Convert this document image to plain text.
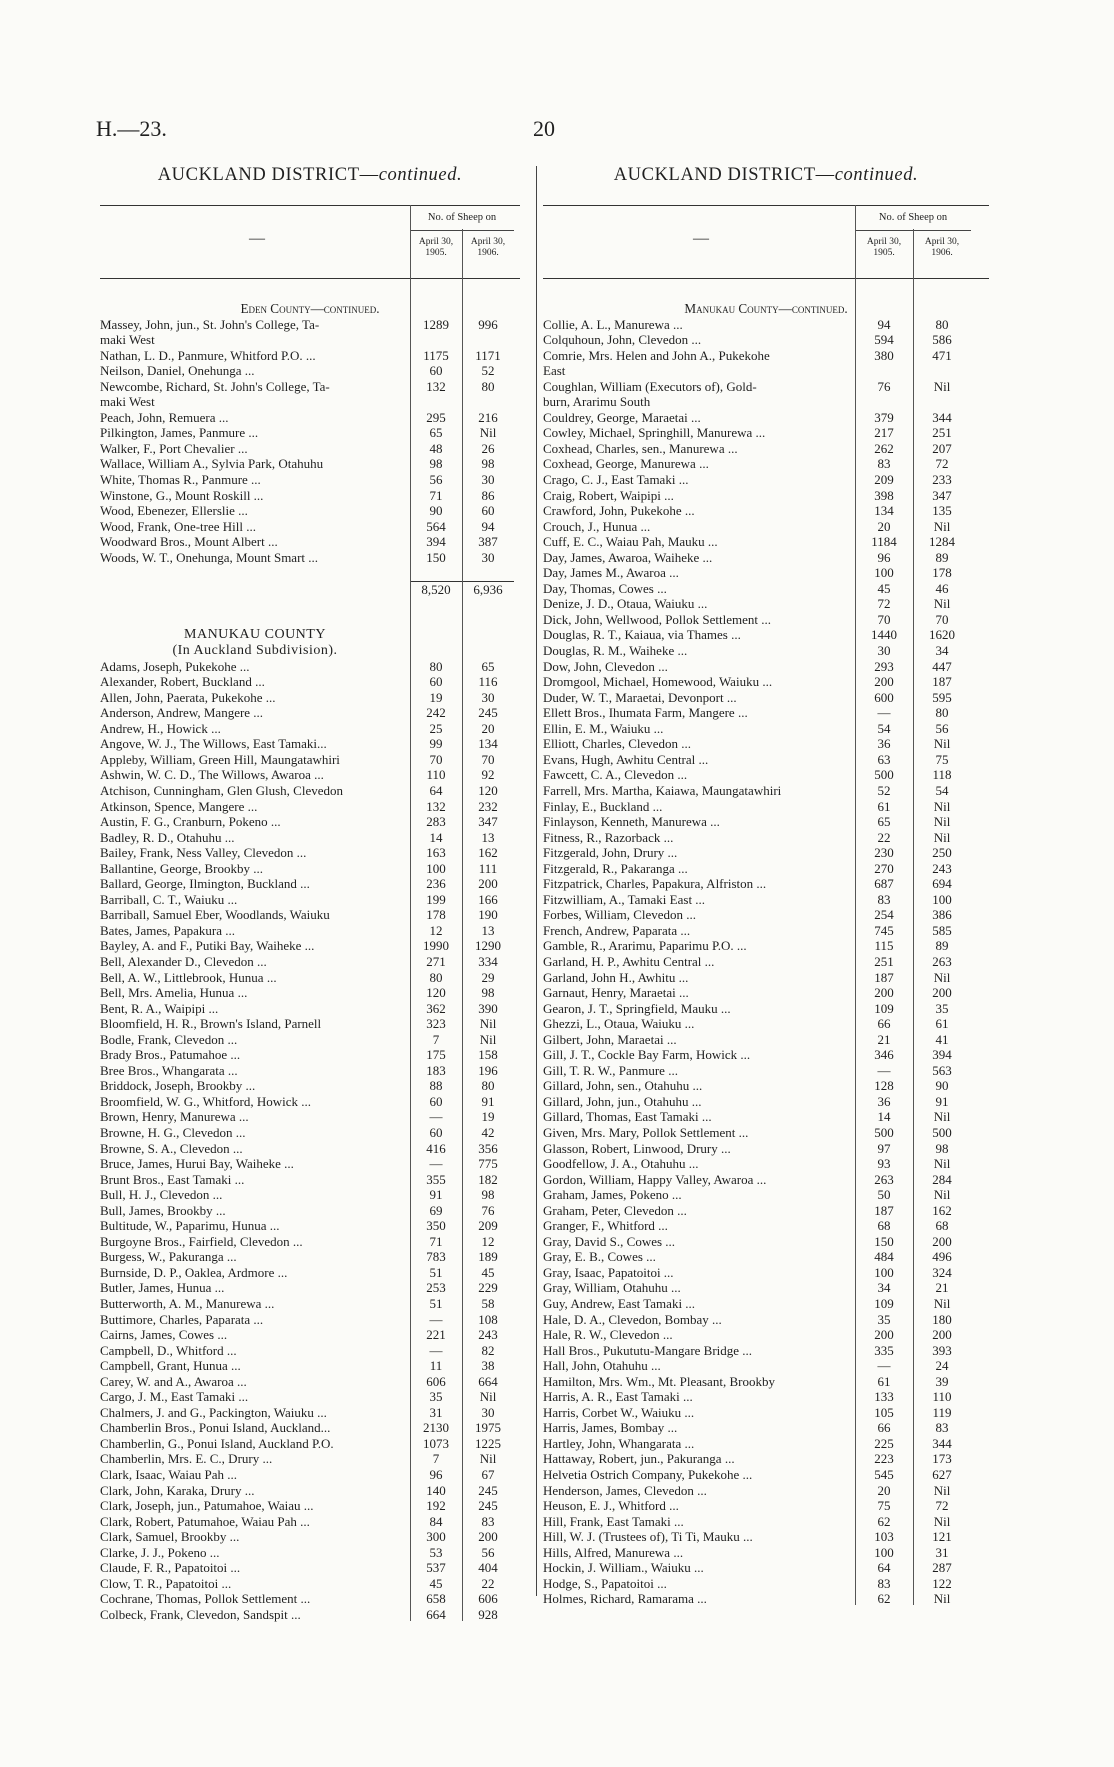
H.—23.	20
AUCKLAND DISTRICT—continued.
—
No. of Sheep on
April 30,
1905.
April 30,
1906.
Eden County—continued.
Massey, John, jun., St. John's College, Ta-	1289	996
maki West
Nathan, L. D., Panmure, Whitford P.O. ...	1175	1171
Neilson, Daniel, Onehunga ...	60	52
Newcombe, Richard, St. John's College, Ta-	132	80
maki West
Peach, John, Remuera ...	295	216
Pilkington, James, Panmure ...	65	Nil
Walker, F., Port Chevalier ...	48	26
Wallace, William A., Sylvia Park, Otahuhu	98	98
White, Thomas R., Panmure ...	56	30
Winstone, G., Mount Roskill ...	71	86
Wood, Ebenezer, Ellerslie ...	90	60
Wood, Frank, One-tree Hill ...	564	94
Woodward Bros., Mount Albert ...	394	387
Woods, W. T., Onehunga, Mount Smart ...	150	30
8,520	6,936
MANUKAU COUNTY
(In Auckland Subdivision).
Adams, Joseph, Pukekohe ...	80	65
Alexander, Robert, Buckland ...	60	116
Allen, John, Paerata, Pukekohe ...	19	30
Anderson, Andrew, Mangere ...	242	245
Andrew, H., Howick ...	25	20
Angove, W. J., The Willows, East Tamaki...	99	134
Appleby, William, Green Hill, Maungatawhiri	70	70
Ashwin, W. C. D., The Willows, Awaroa ...	110	92
Atchison, Cunningham, Glen Glush, Clevedon	64	120
Atkinson, Spence, Mangere ...	132	232
Austin, F. G., Cranburn, Pokeno ...	283	347
Badley, R. D., Otahuhu ...	14	13
Bailey, Frank, Ness Valley, Clevedon ...	163	162
Ballantine, George, Brookby ...	100	111
Ballard, George, Ilmington, Buckland ...	236	200
Barriball, C. T., Waiuku ...	199	166
Barriball, Samuel Eber, Woodlands, Waiuku	178	190
Bates, James, Papakura ...	12	13
Bayley, A. and F., Putiki Bay, Waiheke ...	1990	1290
Bell, Alexander D., Clevedon ...	271	334
Bell, A. W., Littlebrook, Hunua ...	80	29
Bell, Mrs. Amelia, Hunua ...	120	98
Bent, R. A., Waipipi ...	362	390
Bloomfield, H. R., Brown's Island, Parnell	323	Nil
Bodle, Frank, Clevedon ...	7	Nil
Brady Bros., Patumahoe ...	175	158
Bree Bros., Whangarata ...	183	196
Briddock, Joseph, Brookby ...	88	80
Broomfield, W. G., Whitford, Howick ...	60	91
Brown, Henry, Manurewa ...	—	19
Browne, H. G., Clevedon ...	60	42
Browne, S. A., Clevedon ...	416	356
Bruce, James, Hurui Bay, Waiheke ...	—	775
Brunt Bros., East Tamaki ...	355	182
Bull, H. J., Clevedon ...	91	98
Bull, James, Brookby ...	69	76
Bultitude, W., Paparimu, Hunua ...	350	209
Burgoyne Bros., Fairfield, Clevedon ...	71	12
Burgess, W., Pakuranga ...	783	189
Burnside, D. P., Oaklea, Ardmore ...	51	45
Butler, James, Hunua ...	253	229
Butterworth, A. M., Manurewa ...	51	58
Buttimore, Charles, Paparata ...	—	108
Cairns, James, Cowes ...	221	243
Campbell, D., Whitford ...	—	82
Campbell, Grant, Hunua ...	11	38
Carey, W. and A., Awaroa ...	606	664
Cargo, J. M., East Tamaki ...	35	Nil
Chalmers, J. and G., Packington, Waiuku ...	31	30
Chamberlin Bros., Ponui Island, Auckland...	2130	1975
Chamberlin, G., Ponui Island, Auckland P.O.	1073	1225
Chamberlin, Mrs. E. C., Drury ...	7	Nil
Clark, Isaac, Waiau Pah ...	96	67
Clark, John, Karaka, Drury ...	140	245
Clark, Joseph, jun., Patumahoe, Waiau ...	192	245
Clark, Robert, Patumahoe, Waiau Pah ...	84	83
Clark, Samuel, Brookby ...	300	200
Clarke, J. J., Pokeno ...	53	56
Claude, F. R., Papatoitoi ...	537	404
Clow, T. R., Papatoitoi ...	45	22
Cochrane, Thomas, Pollok Settlement ...	658	606
Colbeck, Frank, Clevedon, Sandspit ...	664	928
AUCKLAND DISTRICT—continued.
—
No. of Sheep on
April 30,
1905.
April 30,
1906.
Manukau County—continued.
Collie, A. L., Manurewa ...	94	80
Colquhoun, John, Clevedon ...	594	586
Comrie, Mrs. Helen and John A., Pukekohe	380	471
East
Coughlan, William (Executors of), Gold-	76	Nil
burn, Ararimu South
Couldrey, George, Maraetai ...	379	344
Cowley, Michael, Springhill, Manurewa ...	217	251
Coxhead, Charles, sen., Manurewa ...	262	207
Coxhead, George, Manurewa ...	83	72
Crago, C. J., East Tamaki ...	209	233
Craig, Robert, Waipipi ...	398	347
Crawford, John, Pukekohe ...	134	135
Crouch, J., Hunua ...	20	Nil
Cuff, E. C., Waiau Pah, Mauku ...	1184	1284
Day, James, Awaroa, Waiheke ...	96	89
Day, James M., Awaroa ...	100	178
Day, Thomas, Cowes ...	45	46
Denize, J. D., Otaua, Waiuku ...	72	Nil
Dick, John, Wellwood, Pollok Settlement ...	70	70
Douglas, R. T., Kaiaua, via Thames ...	1440	1620
Douglas, R. M., Waiheke ...	30	34
Dow, John, Clevedon ...	293	447
Dromgool, Michael, Homewood, Waiuku ...	200	187
Duder, W. T., Maraetai, Devonport ...	600	595
Ellett Bros., Ihumata Farm, Mangere ...	—	80
Ellin, E. M., Waiuku ...	54	56
Elliott, Charles, Clevedon ...	36	Nil
Evans, Hugh, Awhitu Central ...	63	75
Fawcett, C. A., Clevedon ...	500	118
Farrell, Mrs. Martha, Kaiawa, Maungatawhiri	52	54
Finlay, E., Buckland ...	61	Nil
Finlayson, Kenneth, Manurewa ...	65	Nil
Fitness, R., Razorback ...	22	Nil
Fitzgerald, John, Drury ...	230	250
Fitzgerald, R., Pakaranga ...	270	243
Fitzpatrick, Charles, Papakura, Alfriston ...	687	694
Fitzwilliam, A., Tamaki East ...	83	100
Forbes, William, Clevedon ...	254	386
French, Andrew, Paparata ...	745	585
Gamble, R., Ararimu, Paparimu P.O. ...	115	89
Garland, H. P., Awhitu Central ...	251	263
Garland, John H., Awhitu ...	187	Nil
Garnaut, Henry, Maraetai ...	200	200
Gearon, J. T., Springfield, Mauku ...	109	35
Ghezzi, L., Otaua, Waiuku ...	66	61
Gilbert, John, Maraetai ...	21	41
Gill, J. T., Cockle Bay Farm, Howick ...	346	394
Gill, T. R. W., Panmure ...	—	563
Gillard, John, sen., Otahuhu ...	128	90
Gillard, John, jun., Otahuhu ...	36	91
Gillard, Thomas, East Tamaki ...	14	Nil
Given, Mrs. Mary, Pollok Settlement ...	500	500
Glasson, Robert, Linwood, Drury ...	97	98
Goodfellow, J. A., Otahuhu ...	93	Nil
Gordon, William, Happy Valley, Awaroa ...	263	284
Graham, James, Pokeno ...	50	Nil
Graham, Peter, Clevedon ...	187	162
Granger, F., Whitford ...	68	68
Gray, David S., Cowes ...	150	200
Gray, E. B., Cowes ...	484	496
Gray, Isaac, Papatoitoi ...	100	324
Gray, William, Otahuhu ...	34	21
Guy, Andrew, East Tamaki ...	109	Nil
Hale, D. A., Clevedon, Bombay ...	35	180
Hale, R. W., Clevedon ...	200	200
Hall Bros., Pukututu-Mangare Bridge ...	335	393
Hall, John, Otahuhu ...	—	24
Hamilton, Mrs. Wm., Mt. Pleasant, Brookby	61	39
Harris, A. R., East Tamaki ...	133	110
Harris, Corbet W., Waiuku ...	105	119
Harris, James, Bombay ...	66	83
Hartley, John, Whangarata ...	225	344
Hattaway, Robert, jun., Pakuranga ...	223	173
Helvetia Ostrich Company, Pukekohe ...	545	627
Henderson, James, Clevedon ...	20	Nil
Heuson, E. J., Whitford ...	75	72
Hill, Frank, East Tamaki ...	62	Nil
Hill, W. J. (Trustees of), Ti Ti, Mauku ...	103	121
Hills, Alfred, Manurewa ...	100	31
Hockin, J. William., Waiuku ...	64	287
Hodge, S., Papatoitoi ...	83	122
Holmes, Richard, Ramarama ...	62	Nil
